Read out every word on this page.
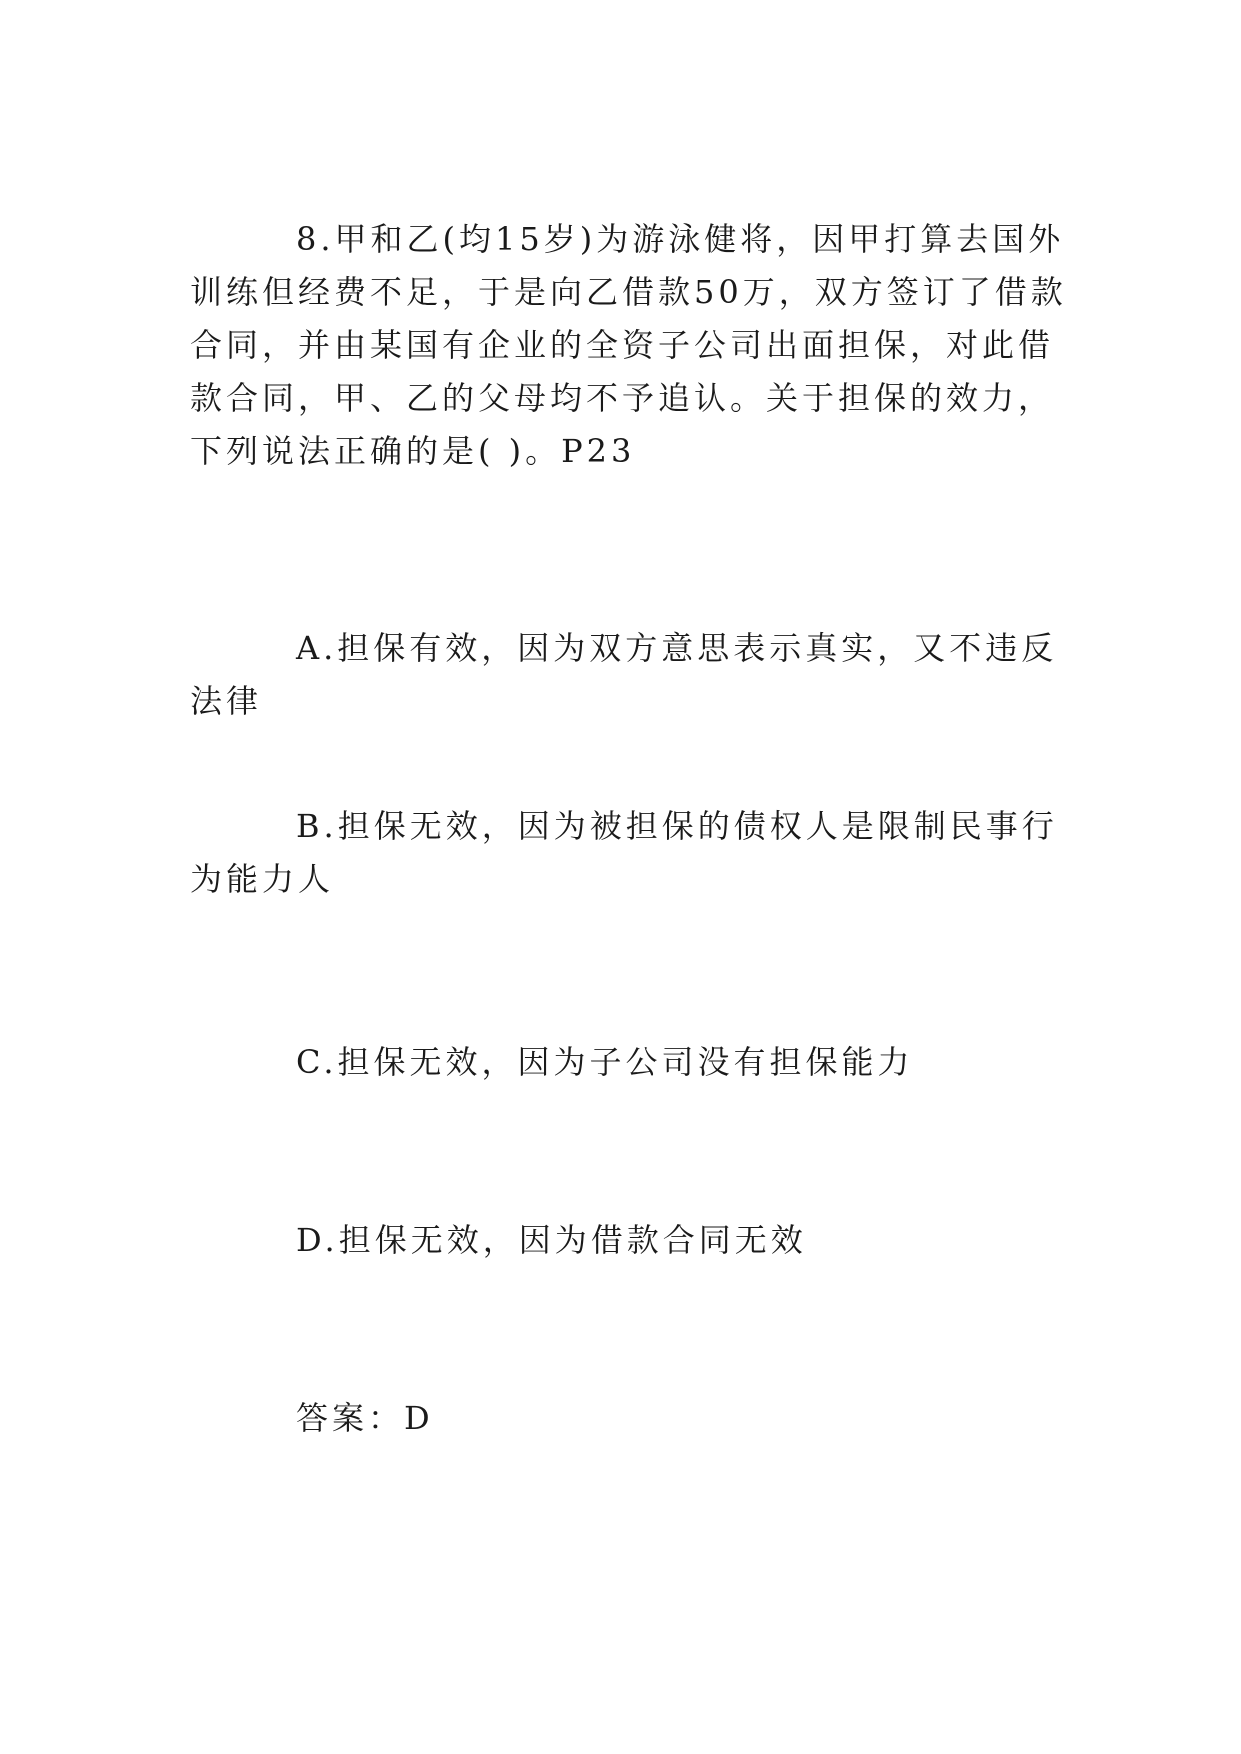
8.甲和乙(均15岁)为游泳健将，因甲打算去国外训练但经费不足，于是向乙借款50万，双方签订了借款合同，并由某国有企业的全资子公司出面担保，对此借款合同，甲、乙的父母均不予追认。关于担保的效力，下列说法正确的是( )。P23

A.担保有效，因为双方意思表示真实，又不违反法律

B.担保无效，因为被担保的债权人是限制民事行为能力人

C.担保无效，因为子公司没有担保能力

D.担保无效，因为借款合同无效

答案：D
